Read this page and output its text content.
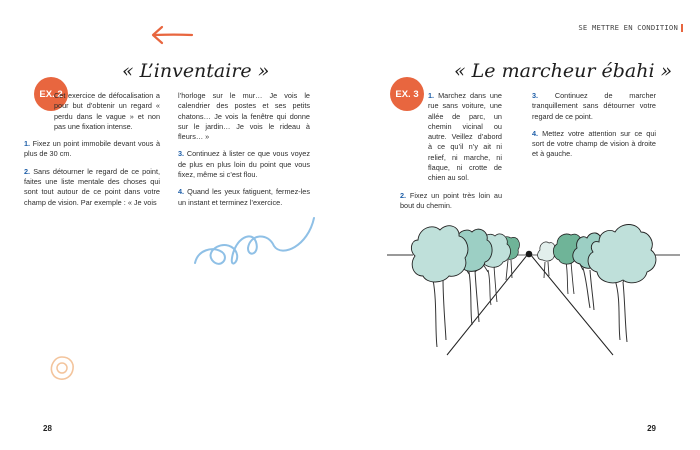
« L’inventaire »
EX. 2

Cet exercice de défocalisation a pour but d’obtenir un regard « perdu dans le vague » et non pas une fixation intense.

1. Fixez un point immobile devant vous à plus de 30 cm.

2. Sans détourner le regard de ce point, faites une liste mentale des choses qui sont tout autour de ce point dans votre champ de vision. Par exemple : « Je vois

l’horloge sur le mur… Je vois le calendrier des postes et ses petits chatons… Je vois la fenêtre qui donne sur le jardin… Je vois le rideau à fleurs… »

3. Continuez à lister ce que vous voyez de plus en plus loin du point que vous fixez, même si c’est flou.

4. Quand les yeux fatiguent, fermez-les un instant et terminez l’exercice.

28
SE METTRE EN CONDITION
« Le marcheur ébahi »
EX. 3	1. Marchez dans une rue sans voiture, une allée de parc, un chemin vicinal ou autre. Veillez d’abord à ce qu’il n’y ait ni relief, ni marche, ni flaque, ni crotte de chien au sol.

2. Fixez un point très loin au bout du chemin.

3. Continuez de marcher tranquillement sans détourner votre regard de ce point.

4. Mettez votre attention sur ce qui sort de votre champ de vision à droite et à gauche.

29
